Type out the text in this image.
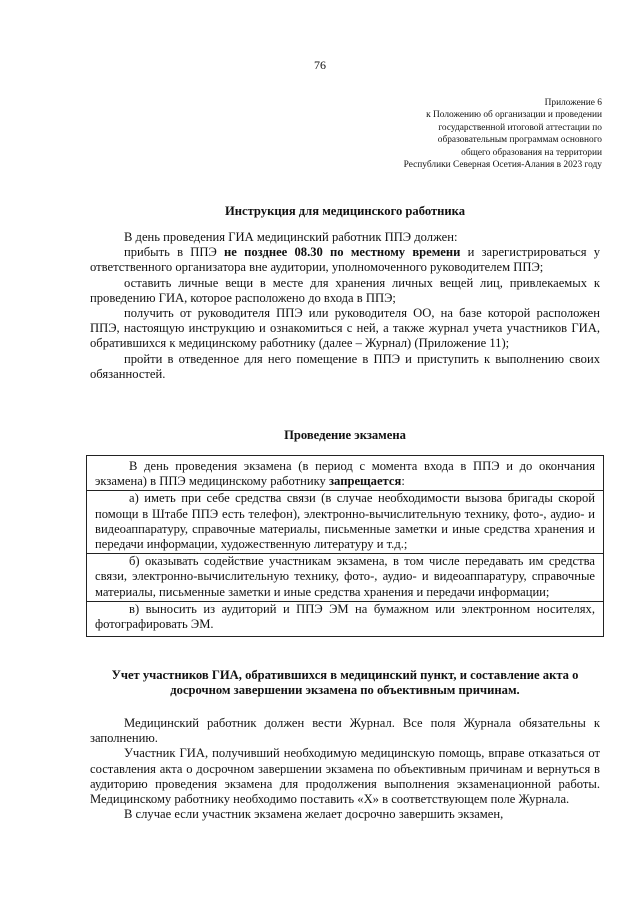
76
Приложение 6
к Положению об организации и проведении
государственной итоговой аттестации по
образовательным программам основного
общего образования на территории
Республики Северная Осетия-Алания в 2023 году
Инструкция для медицинского работника

В день проведения ГИА медицинский работник ППЭ должен:

прибыть в ППЭ не позднее 08.30 по местному времени и зарегистрироваться у ответственного организатора вне аудитории, уполномоченного руководителем ППЭ;

оставить личные вещи в месте для хранения личных вещей лиц, привлекаемых к проведению ГИА, которое расположено до входа в ППЭ;

получить от руководителя ППЭ или руководителя ОО, на базе которой расположен ППЭ, настоящую инструкцию и ознакомиться с ней, а также журнал учета участников ГИА, обратившихся к медицинскому работнику (далее – Журнал) (Приложение 11);

пройти в отведенное для него помещение в ППЭ и приступить к выполнению своих обязанностей.

Проведение экзамена

В день проведения экзамена (в период с момента входа в ППЭ и до окончания экзамена) в ППЭ медицинскому работнику запрещается:

а) иметь при себе средства связи (в случае необходимости вызова бригады скорой помощи в Штабе ППЭ есть телефон), электронно-вычислительную технику, фото-, аудио- и видеоаппаратуру, справочные материалы, письменные заметки и иные средства хранения и передачи информации, художественную литературу и т.д.;

б) оказывать содействие участникам экзамена, в том числе передавать им средства связи, электронно-вычислительную технику, фото-, аудио- и видеоаппаратуру, справочные материалы, письменные заметки и иные средства хранения и передачи информации;

в) выносить из аудиторий и ППЭ ЭМ на бумажном или электронном носителях, фотографировать ЭМ.

Учет участников ГИА, обратившихся в медицинский пункт, и составление акта о досрочном завершении экзамена по объективным причинам.

Медицинский работник должен вести Журнал. Все поля Журнала обязательны к заполнению.

Участник ГИА, получивший необходимую медицинскую помощь, вправе отказаться от составления акта о досрочном завершении экзамена по объективным причинам и вернуться в аудиторию проведения экзамена для продолжения выполнения экзаменационной работы. Медицинскому работнику необходимо поставить «Х» в соответствующем поле Журнала.

В случае если участник экзамена желает досрочно завершить экзамен,
